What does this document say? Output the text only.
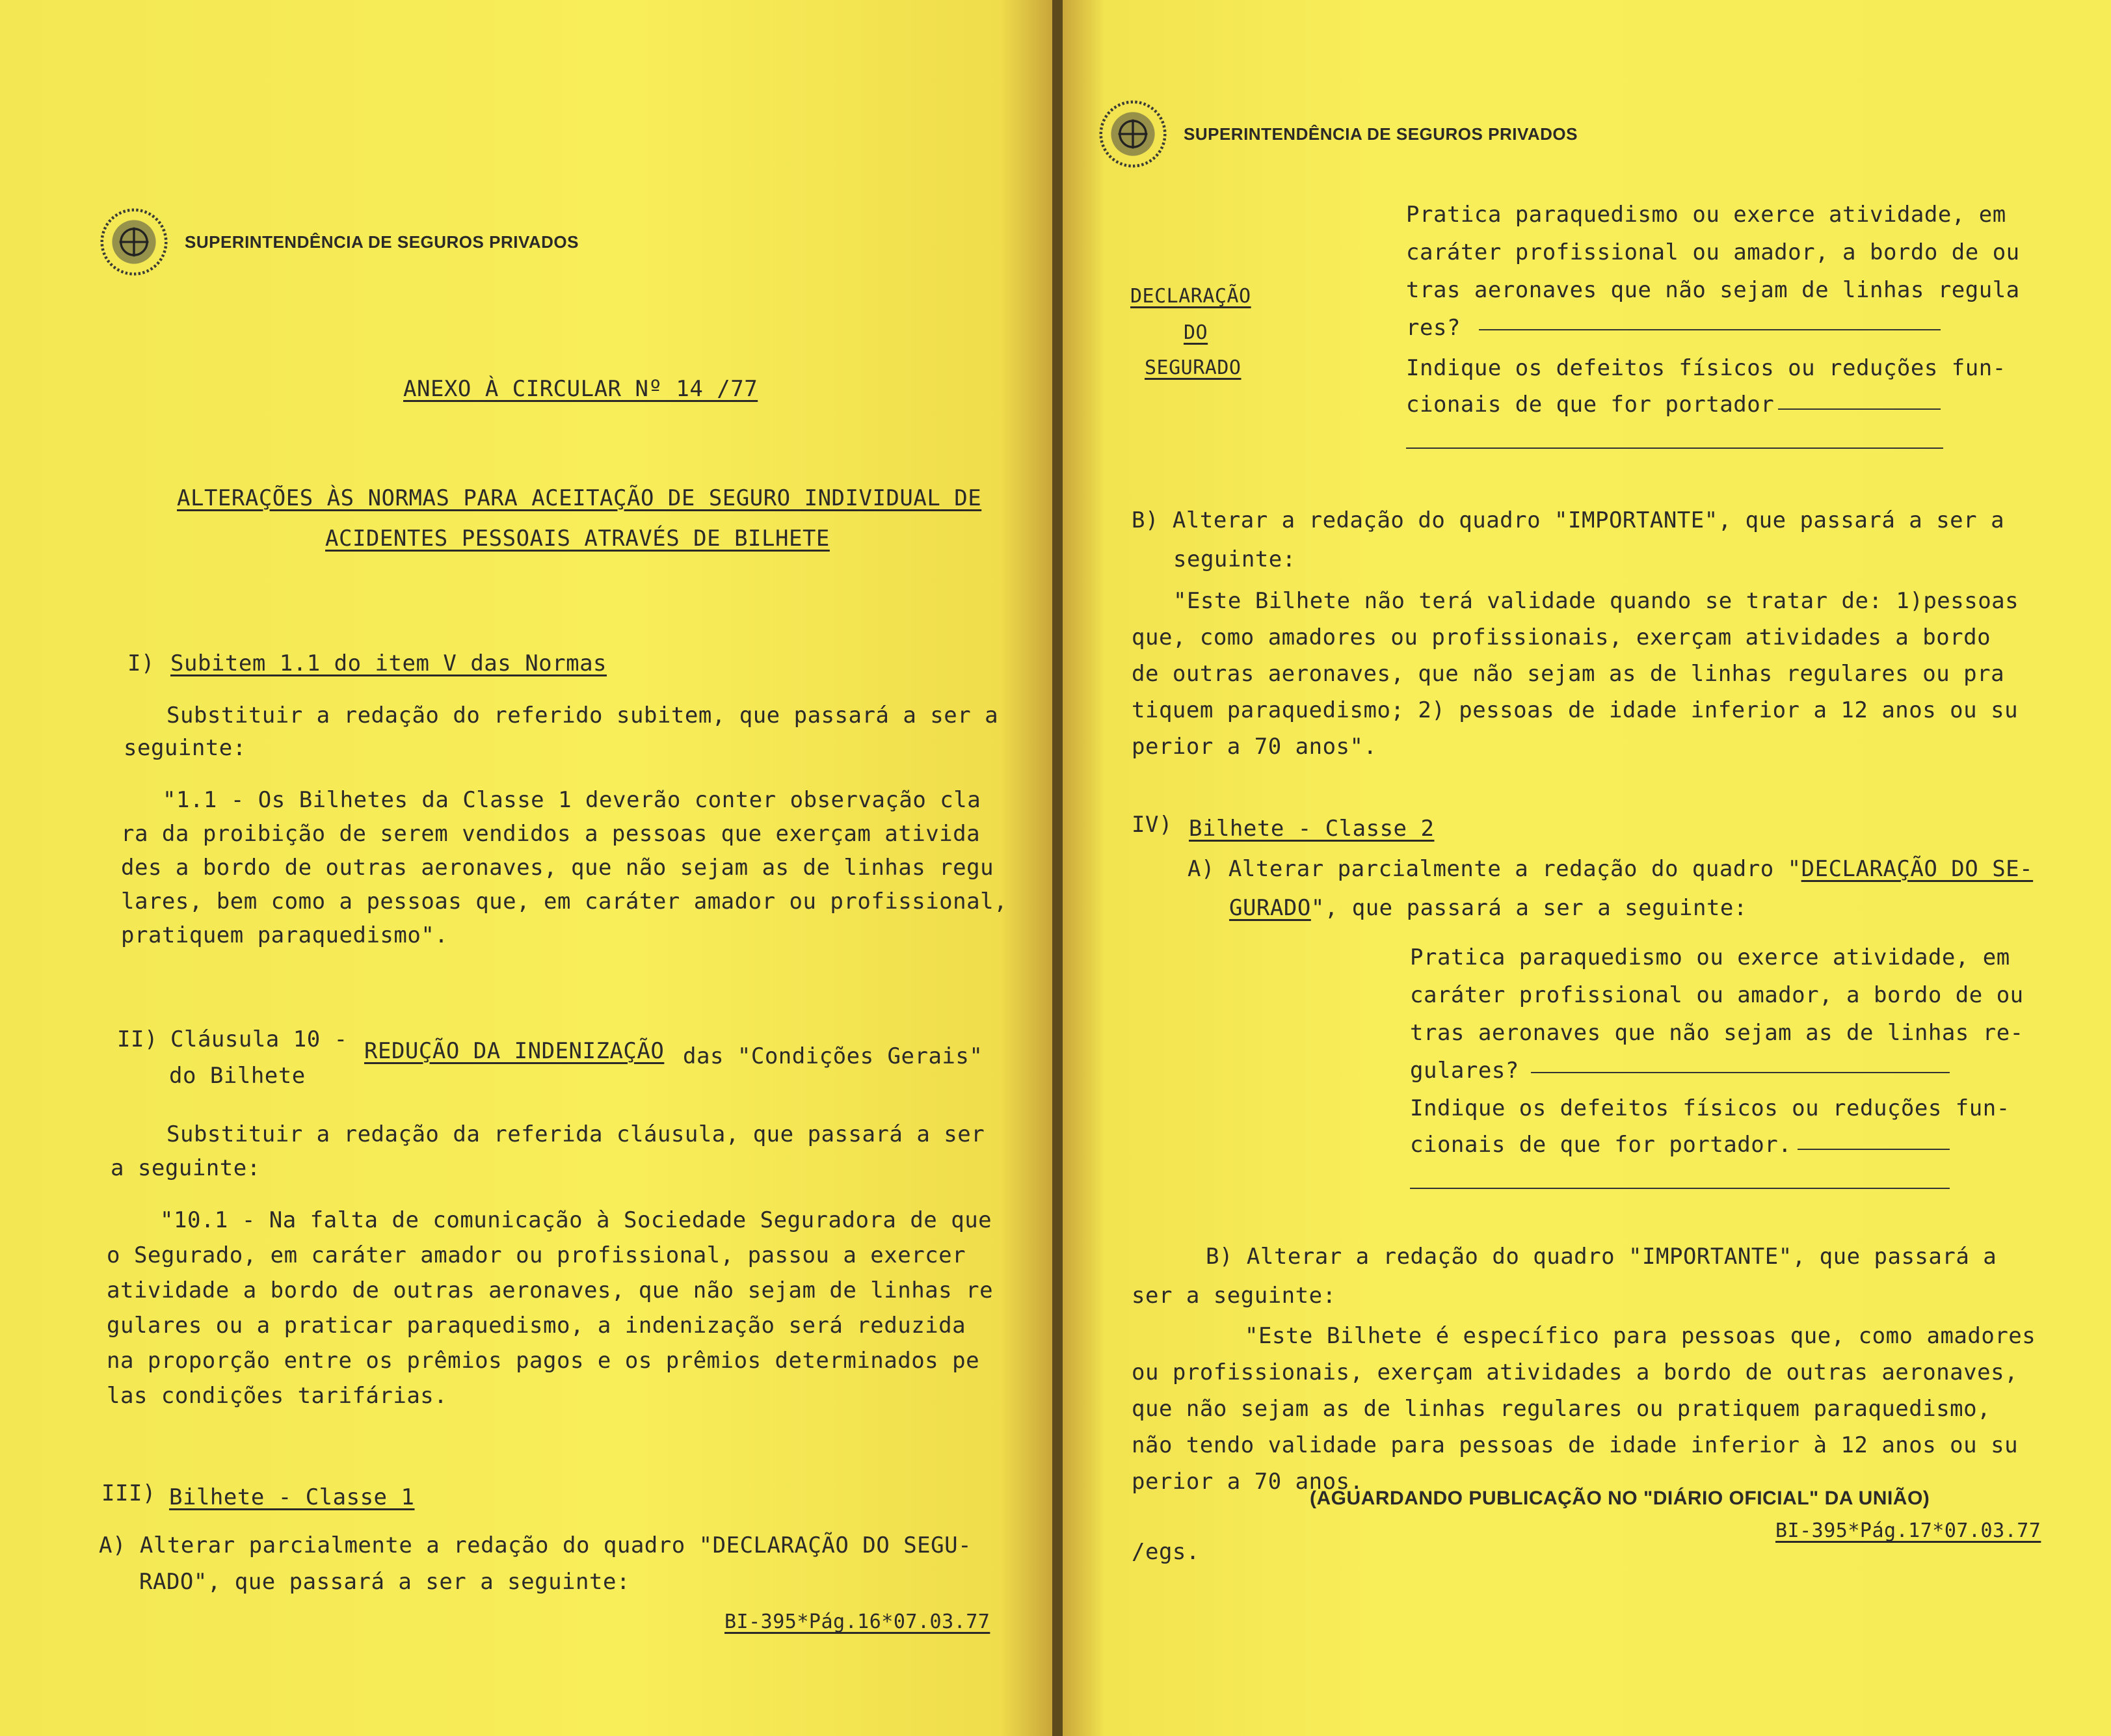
SUPERINTENDÊNCIA DE SEGUROS PRIVADOS
ANEXO À CIRCULAR Nº 14 /77
ALTERAÇÕES ÀS NORMAS PARA ACEITAÇÃO DE SEGURO INDIVIDUAL DE
ACIDENTES PESSOAIS ATRAVÉS DE BILHETE
I) Subitem 1.1 do item V das Normas
Substituir a redação do referido subitem, que passará a ser a
seguinte:
"1.1 - Os Bilhetes da Classe 1 deverão conter observação cla
ra da proibição de serem vendidos a pessoas que exerçam ativida
des a bordo de outras aeronaves, que não sejam as de linhas regu
lares, bem como a pessoas que, em caráter amador ou profissional,
pratiquem paraquedismo".
II) Cláusula 10 - REDUÇÃO DA INDENIZAÇÃO das "Condições Gerais"
do Bilhete
Substituir a redação da referida cláusula, que passará a ser
a seguinte:
"10.1 - Na falta de comunicação à Sociedade Seguradora de que
o Segurado, em caráter amador ou profissional, passou a exercer
atividade a bordo de outras aeronaves, que não sejam de linhas re
gulares ou a praticar paraquedismo, a indenização será reduzida
na proporção entre os prêmios pagos e os prêmios determinados pe
las condições tarifárias.
III) Bilhete - Classe 1
A) Alterar parcialmente a redação do quadro "DECLARAÇÃO DO SEGU-
RADO", que passará a ser a seguinte:
BI-395*Pág.16*07.03.77
SUPERINTENDÊNCIA DE SEGUROS PRIVADOS
DECLARAÇÃO
DO
SEGURADO
Pratica paraquedismo ou exerce atividade, em
caráter profissional ou amador, a bordo de ou
tras aeronaves que não sejam de linhas regula
res?
Indique os defeitos físicos ou reduções fun-
cionais de que for portador
B) Alterar a redação do quadro "IMPORTANTE", que passará a ser a
seguinte:
"Este Bilhete não terá validade quando se tratar de: 1)pessoas
que, como amadores ou profissionais, exerçam atividades a bordo
de outras aeronaves, que não sejam as de linhas regulares ou pra
tiquem paraquedismo; 2) pessoas de idade inferior a 12 anos ou su
perior a 70 anos".
IV) Bilhete - Classe 2
A) Alterar parcialmente a redação do quadro "DECLARAÇÃO DO SE-
GURADO", que passará a ser a seguinte:
Pratica paraquedismo ou exerce atividade, em
caráter profissional ou amador, a bordo de ou
tras aeronaves que não sejam as de linhas re-
gulares?
Indique os defeitos físicos ou reduções fun-
cionais de que for portador.
B) Alterar a redação do quadro "IMPORTANTE", que passará a
ser a seguinte:
"Este Bilhete é específico para pessoas que, como amadores
ou profissionais, exerçam atividades a bordo de outras aeronaves,
que não sejam as de linhas regulares ou pratiquem paraquedismo,
não tendo validade para pessoas de idade inferior à 12 anos ou su
perior a 70 anos.
(AGUARDANDO PUBLICAÇÃO NO "DIÁRIO OFICIAL" DA UNIÃO)
/egs.
BI-395*Pág.17*07.03.77
